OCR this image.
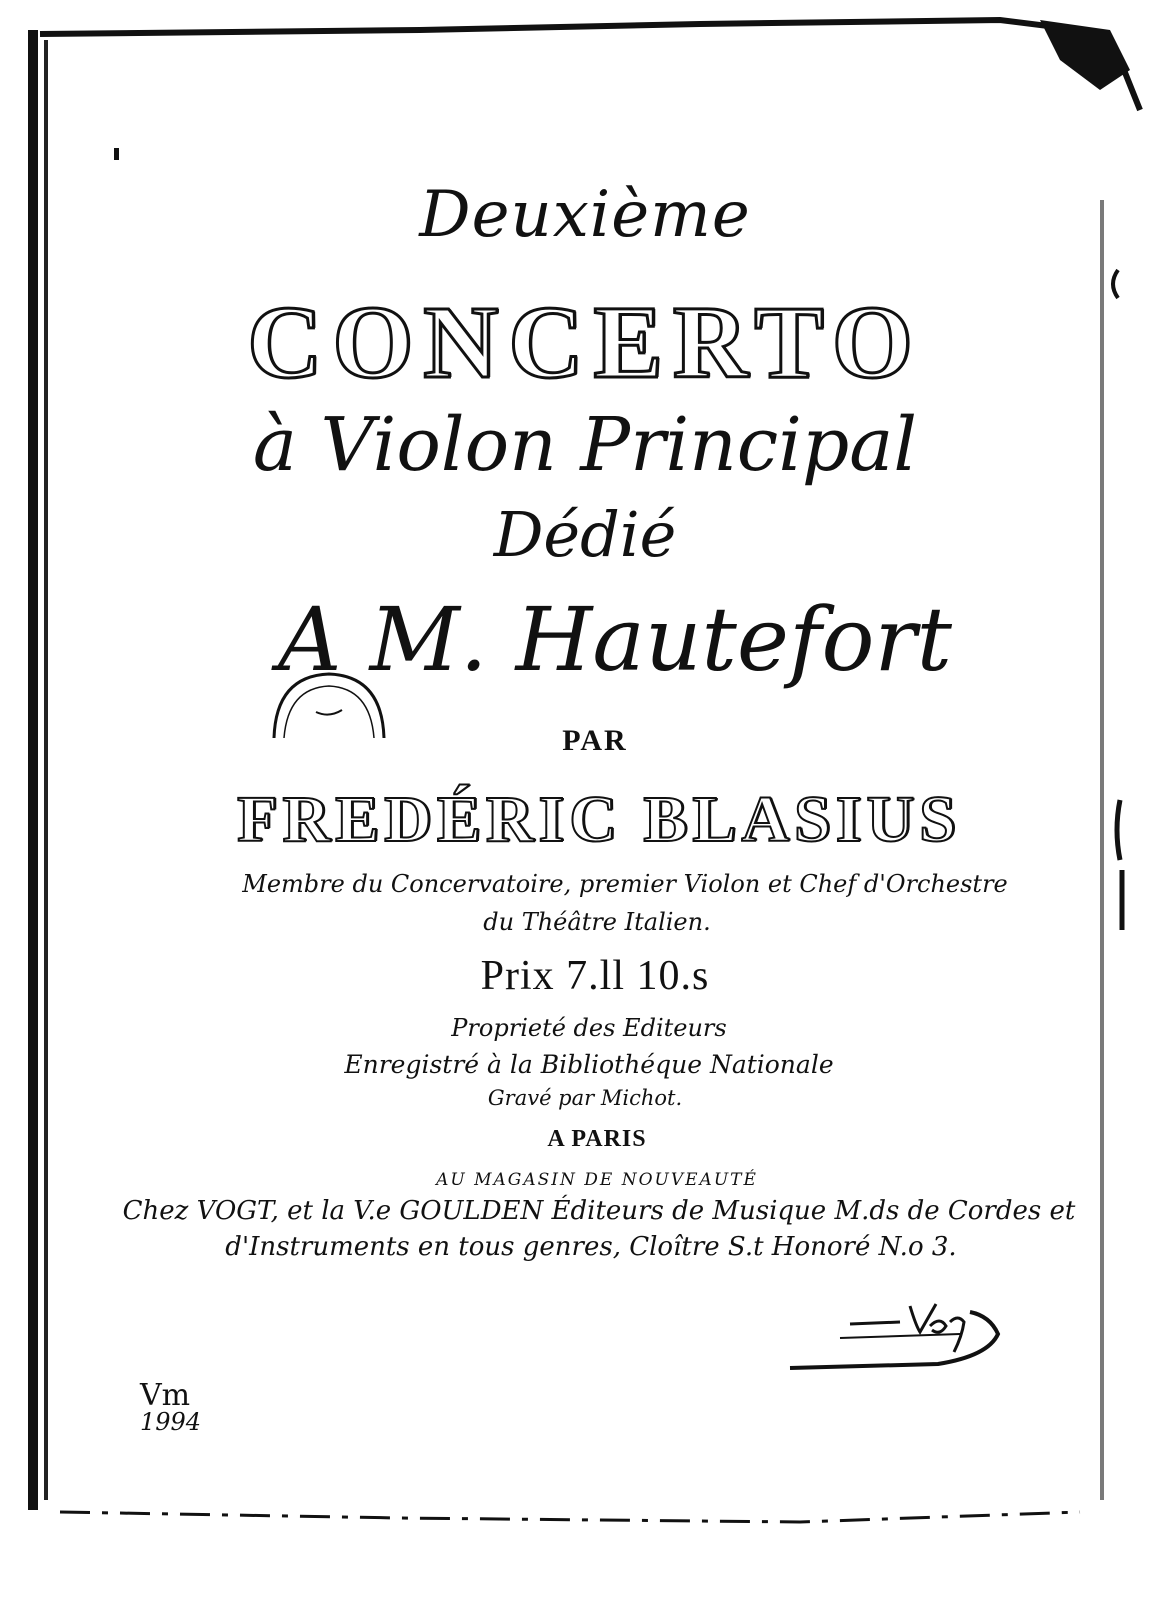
Deuxième
CONCERTO
à Violon Principal
Dédié
A M. Hautefort
PAR
FREDÉRIC BLASIUS
Membre du Concervatoire, premier Violon et Chef d'Orchestre
du Théâtre Italien.
Prix 7.ll 10.s
Proprieté des Editeurs
Enregistré à la Bibliothéque Nationale
Gravé par Michot.
A PARIS
AU MAGASIN DE NOUVEAUTÉ
Chez VOGT, et la V.e GOULDEN Éditeurs de Musique M.ds de Cordes et
d'Instruments en tous genres, Cloître S.t Honoré N.o 3.
Vm
1994
